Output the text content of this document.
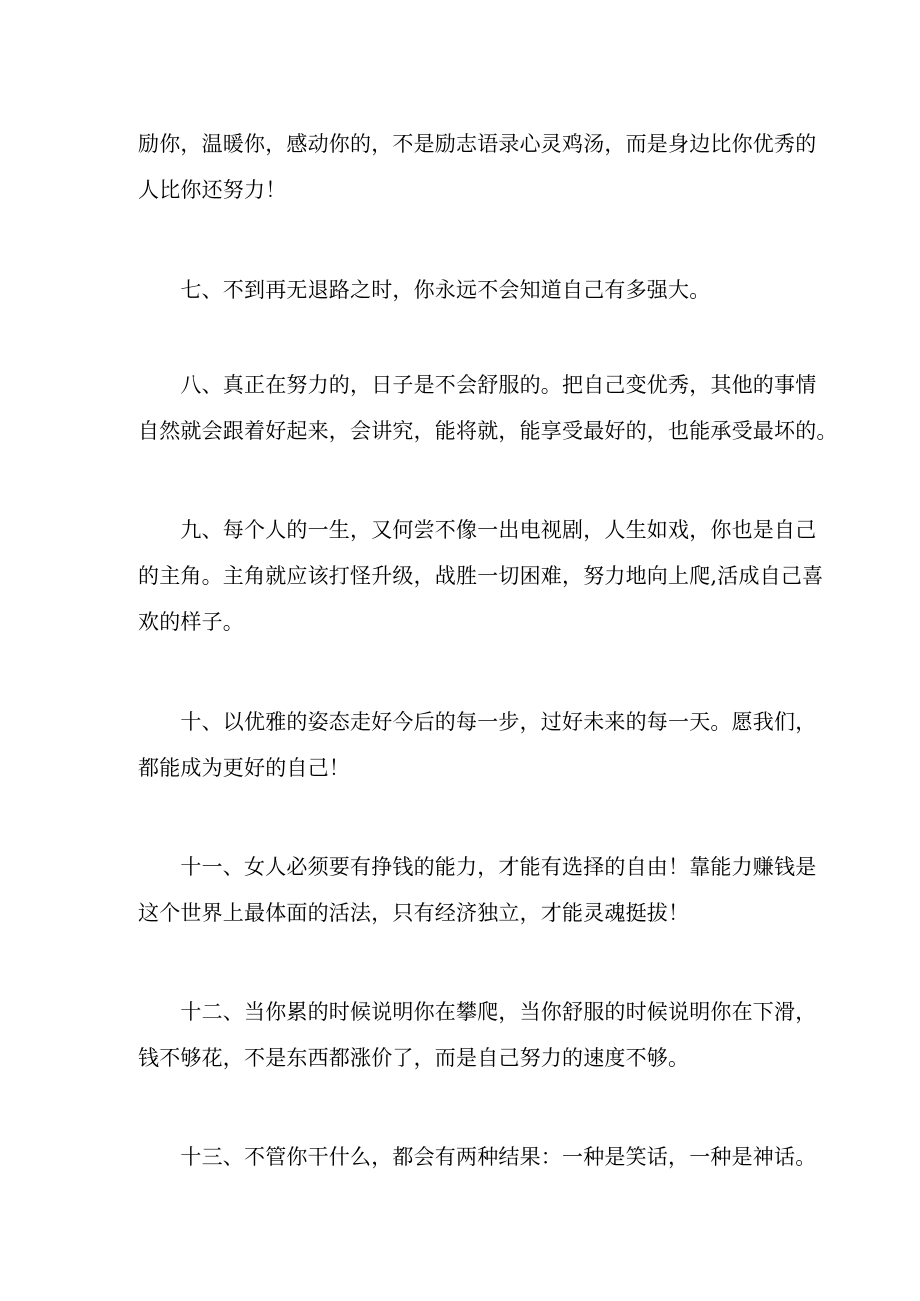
励你，温暖你，感动你的，不是励志语录心灵鸡汤，而是身边比你优秀的
人比你还努力！

　　七、不到再无退路之时，你永远不会知道自己有多强大。

　　八、真正在努力的，日子是不会舒服的。把自己变优秀，其他的事情
自然就会跟着好起来，会讲究，能将就，能享受最好的，也能承受最坏的。

　　九、每个人的一生，又何尝不像一出电视剧，人生如戏，你也是自己
的主角。主角就应该打怪升级，战胜一切困难，努力地向上爬,活成自己喜
欢的样子。

　　十、以优雅的姿态走好今后的每一步，过好未来的每一天。愿我们，
都能成为更好的自己！

　　十一、女人必须要有挣钱的能力，才能有选择的自由！靠能力赚钱是
这个世界上最体面的活法，只有经济独立，才能灵魂挺拔！

　　十二、当你累的时候说明你在攀爬，当你舒服的时候说明你在下滑，
钱不够花，不是东西都涨价了，而是自己努力的速度不够。

　　十三、不管你干什么，都会有两种结果：一种是笑话，一种是神话。
